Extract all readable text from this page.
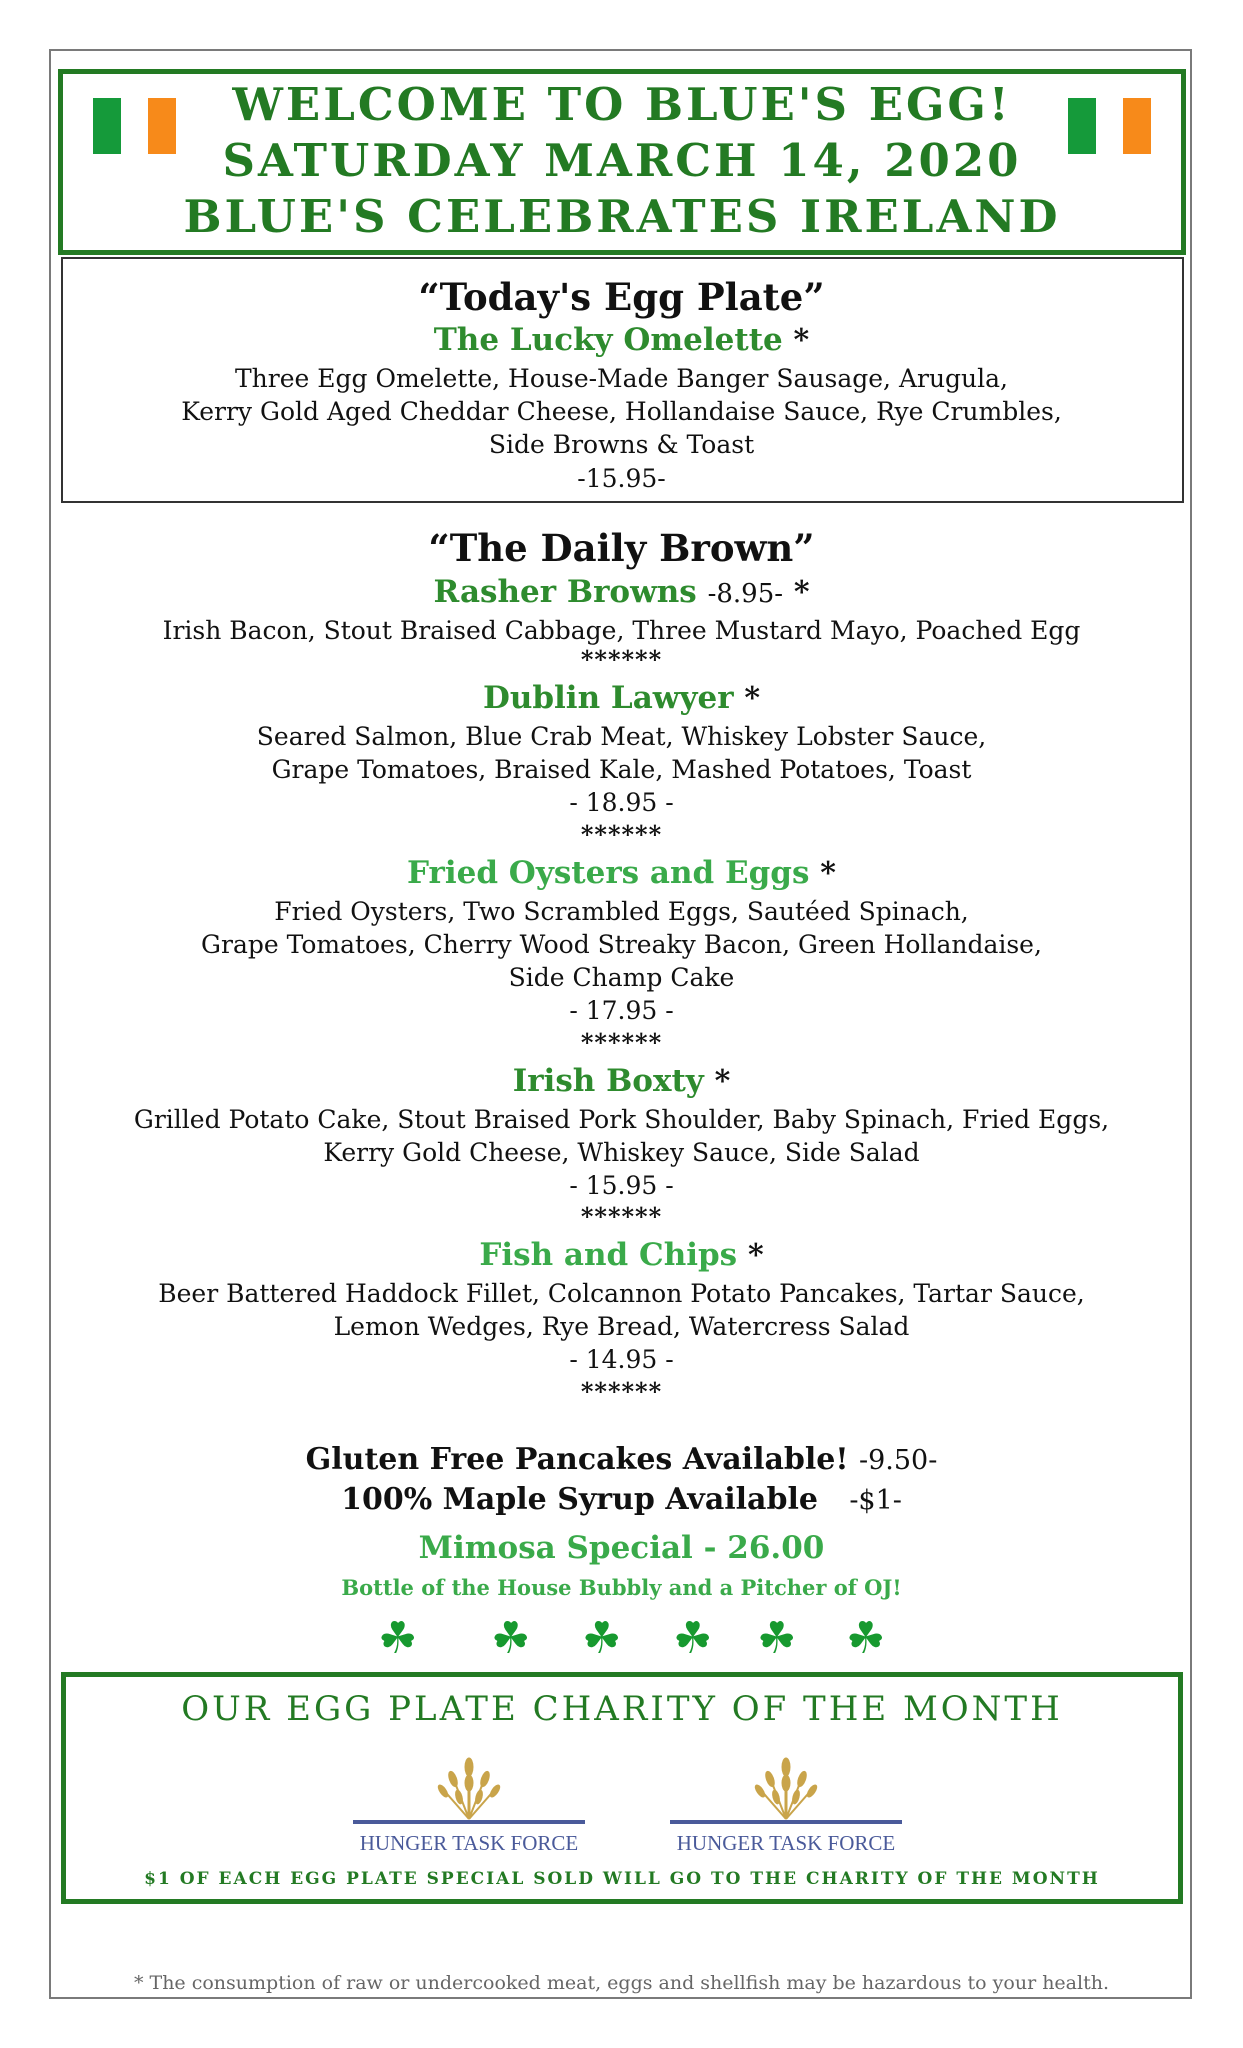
WELCOME TO BLUE'S EGG!
SATURDAY MARCH 14, 2020
BLUE'S CELEBRATES IRELAND
“Today's Egg Plate”
The Lucky Omelette *
Three Egg Omelette, House-Made Banger Sausage, Arugula,
Kerry Gold Aged Cheddar Cheese, Hollandaise Sauce, Rye Crumbles,
Side Browns & Toast
-15.95-
“The Daily Brown”
Rasher Browns -8.95- *
Irish Bacon, Stout Braised Cabbage, Three Mustard Mayo, Poached Egg
******
Dublin Lawyer *
Seared Salmon, Blue Crab Meat, Whiskey Lobster Sauce,
Grape Tomatoes, Braised Kale, Mashed Potatoes, Toast
- 18.95 -
******
Fried Oysters and Eggs *
Fried Oysters, Two Scrambled Eggs, Sautéed Spinach,
Grape Tomatoes, Cherry Wood Streaky Bacon, Green Hollandaise,
Side Champ Cake
- 17.95 -
******
Irish Boxty *
Grilled Potato Cake, Stout Braised Pork Shoulder, Baby Spinach, Fried Eggs,
Kerry Gold Cheese, Whiskey Sauce, Side Salad
- 15.95 -
******
Fish and Chips *
Beer Battered Haddock Fillet, Colcannon Potato Pancakes, Tartar Sauce,
Lemon Wedges, Rye Bread, Watercress Salad
- 14.95 -
******
Gluten Free Pancakes Available! -9.50-
100% Maple Syrup Available -$1-
Mimosa Special - 26.00
Bottle of the House Bubbly and a Pitcher of OJ!
☘ ☘ ☘ ☘ ☘ ☘
OUR EGG PLATE CHARITY OF THE MONTH
HUNGER TASK FORCE	HUNGER TASK FORCE
$1 OF EACH EGG PLATE SPECIAL SOLD WILL GO TO THE CHARITY OF THE MONTH
* The consumption of raw or undercooked meat, eggs and shellfish may be hazardous to your health.
